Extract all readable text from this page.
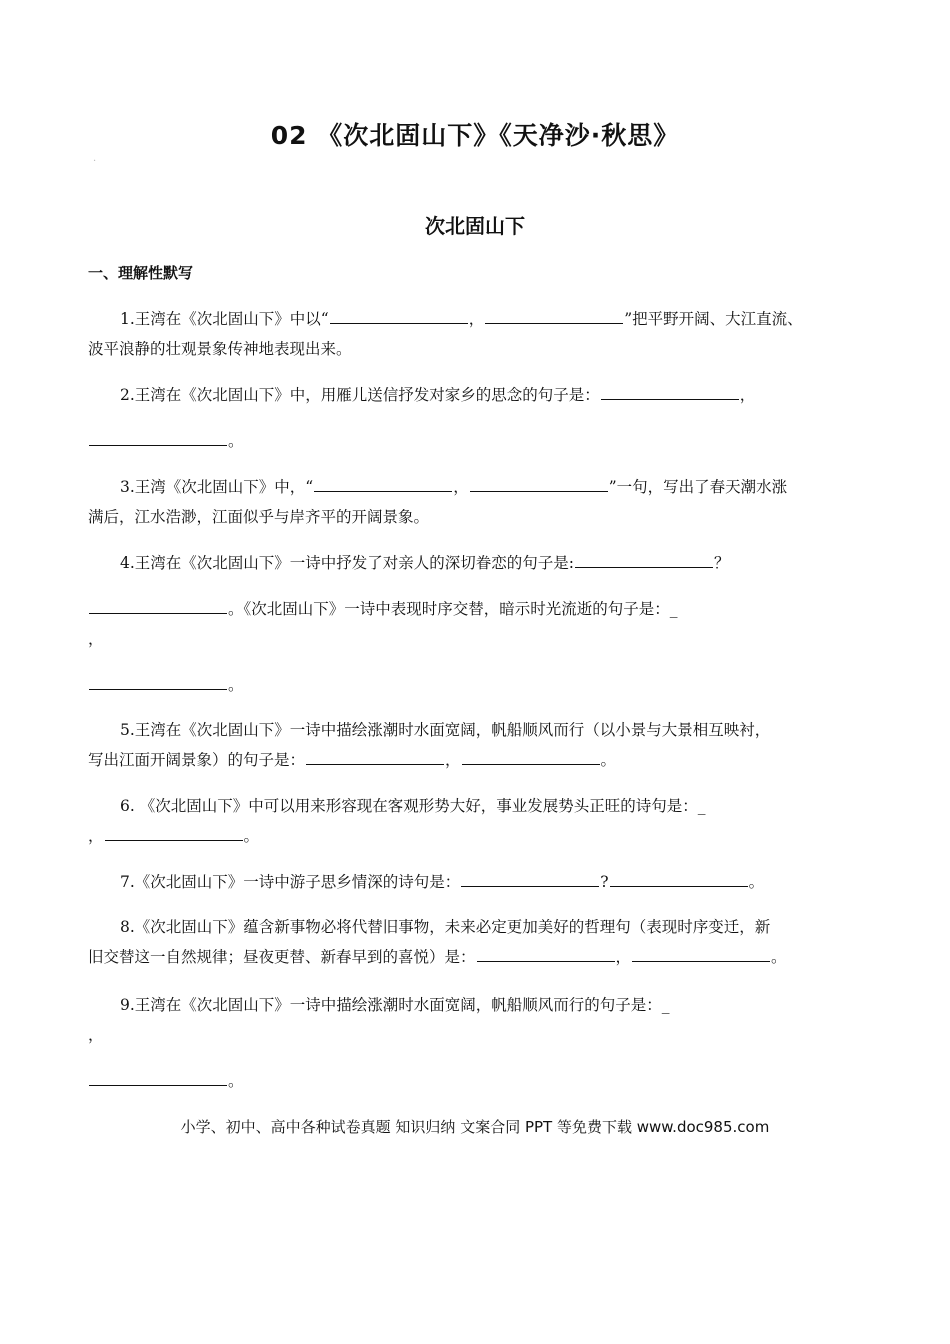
·
02 《次北固山下》《天净沙·秋思》
次北固山下
一、理解性默写
1.王湾在《次北固山下》中以“	，	”把平野开阔、大江直流、
波平浪静的壮观景象传神地表现出来。
2.王湾在《次北固山下》中，用雁儿送信抒发对家乡的思念的句子是：	，
。
3.王湾《次北固山下》中，“	，	”一句，写出了春天潮水涨
满后，江水浩渺，江面似乎与岸齐平的开阔景象。
4.王湾在《次北固山下》一诗中抒发了对亲人的深切眷恋的句子是:	？
。《次北固山下》一诗中表现时序交替，暗示时光流逝的句子是：_
，
。
5.王湾在《次北固山下》一诗中描绘涨潮时水面宽阔，帆船顺风而行（以小景与大景相互映衬，
写出江面开阔景象）的句子是：	，	。
6. 《次北固山下》中可以用来形容现在客观形势大好，事业发展势头正旺的诗句是：_
，	。
7.《次北固山下》一诗中游子思乡情深的诗句是：	?	。
8.《次北固山下》蕴含新事物必将代替旧事物，未来必定更加美好的哲理句（表现时序变迁，新
旧交替这一自然规律；昼夜更替、新春早到的喜悦）是：	，	。
9.王湾在《次北固山下》一诗中描绘涨潮时水面宽阔，帆船顺风而行的句子是：_
，
。
小学、初中、高中各种试卷真题 知识归纳 文案合同 PPT 等免费下载 www.doc985.com
